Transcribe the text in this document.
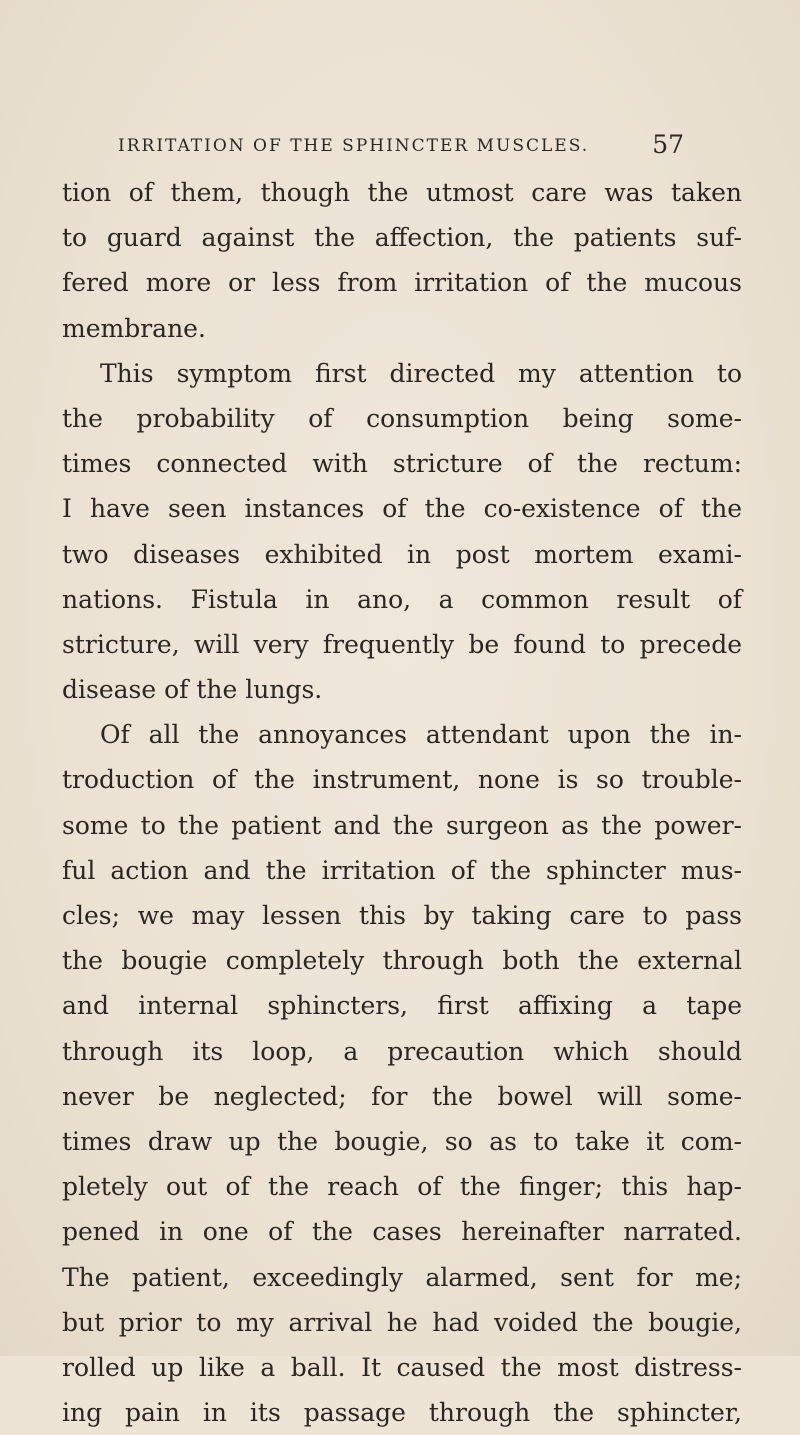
IRRITATION OF THE SPHINCTER MUSCLES.	57
tion of them, though the utmost care was taken
to guard against the affection, the patients suf-
fered more or less from irritation of the mucous
membrane.
This symptom first directed my attention to
the probability of consumption being some-
times connected with stricture of the rectum:
I have seen instances of the co-existence of the
two diseases exhibited in post mortem exami-
nations. Fistula in ano, a common result of
stricture, will very frequently be found to precede
disease of the lungs.
Of all the annoyances attendant upon the in-
troduction of the instrument, none is so trouble-
some to the patient and the surgeon as the power-
ful action and the irritation of the sphincter mus-
cles; we may lessen this by taking care to pass
the bougie completely through both the external
and internal sphincters, first affixing a tape
through its loop, a precaution which should
never be neglected; for the bowel will some-
times draw up the bougie, so as to take it com-
pletely out of the reach of the finger; this hap-
pened in one of the cases hereinafter narrated.
The patient, exceedingly alarmed, sent for me;
but prior to my arrival he had voided the bougie,
rolled up like a ball. It caused the most distress-
ing pain in its passage through the sphincter,
